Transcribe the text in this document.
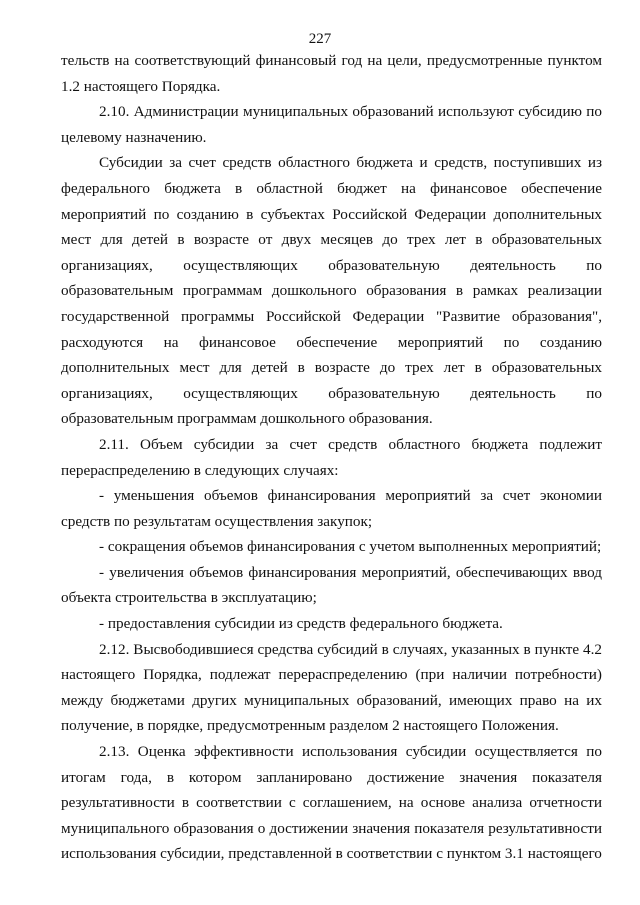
227

тельств на соответствующий финансовый год на цели, предусмотренные пунктом 1.2 настоящего Порядка.

2.10. Администрации муниципальных образований используют субсидию по целевому назначению.

Субсидии за счет средств областного бюджета и средств, поступивших из федерального бюджета в областной бюджет на финансовое обеспечение мероприятий по созданию в субъектах Российской Федерации дополнительных мест для детей в возрасте от двух месяцев до трех лет в образовательных организациях, осуществляющих образовательную деятельность по образовательным программам дошкольного образования в рамках реализации государственной программы Российской Федерации "Развитие образования", расходуются на финансовое обеспечение мероприятий по созданию дополнительных мест для детей в возрасте до трех лет в образовательных организациях, осуществляющих образовательную деятельность по образовательным программам дошкольного образования.

2.11. Объем субсидии за счет средств областного бюджета подлежит перераспределению в следующих случаях:

- уменьшения объемов финансирования мероприятий за счет экономии средств по результатам осуществления закупок;

- сокращения объемов финансирования с учетом выполненных мероприятий;

- увеличения объемов финансирования мероприятий, обеспечивающих ввод объекта строительства в эксплуатацию;

- предоставления субсидии из средств федерального бюджета.

2.12. Высвободившиеся средства субсидий в случаях, указанных в пункте 4.2 настоящего Порядка, подлежат перераспределению (при наличии потребности) между бюджетами других муниципальных образований, имеющих право на их получение, в порядке, предусмотренным разделом 2 настоящего Положения.

2.13. Оценка эффективности использования субсидии осуществляется по итогам года, в котором запланировано достижение значения показателя результативности в соответствии с соглашением, на основе анализа отчетности муниципального образования о достижении значения показателя результативности использования субсидии, представленной в соответствии с пунктом 3.1 настоящего
